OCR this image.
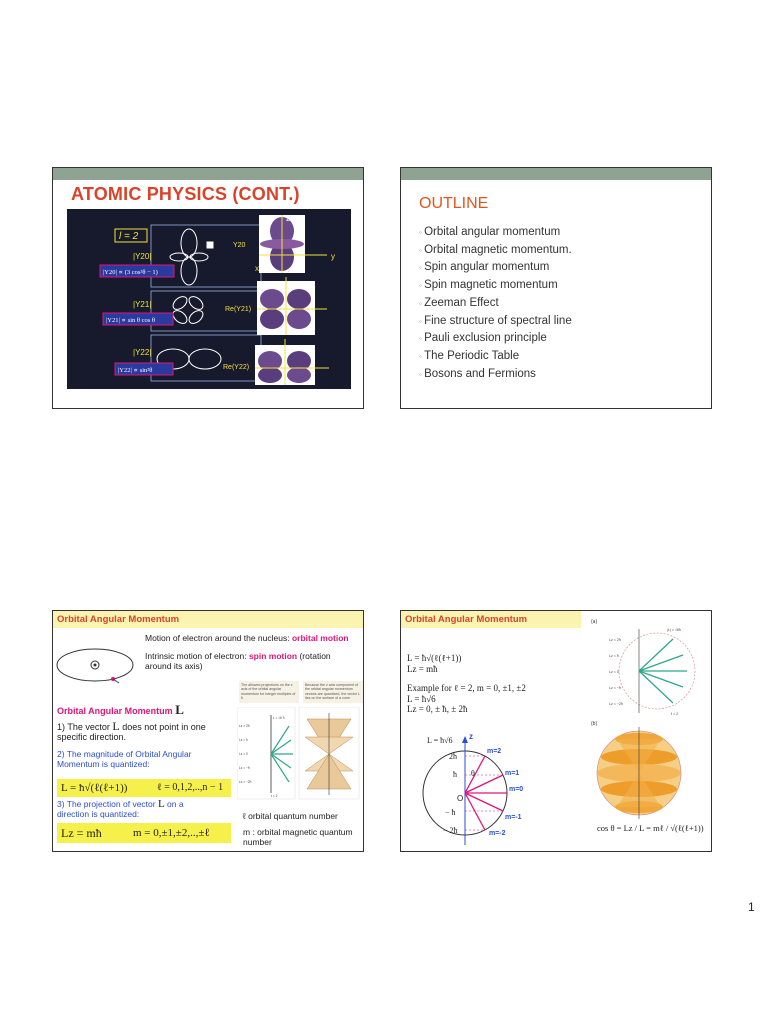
ATOMIC PHYSICS (CONT.)
l = 2
|Y20|
|Y21|
|Y22|
|Y20| ∝ (3 cos²θ − 1)
|Y21| ∝ sin θ cos θ
|Y22| ∝ sin²θ
z
y
x
Y20
Re(Y21)
Re(Y22)
OUTLINE
◦ Orbital angular momentum
◦ Orbital magnetic momentum.
◦ Spin angular momentum
◦ Spin magnetic momentum
◦ Zeeman Effect
◦ Fine structure of spectral line
◦ Pauli exclusion principle
◦ The Periodic Table
◦ Bosons and Fermions
Orbital Angular Momentum
Motion of electron around the nucleus: orbital motion
Intrinsic motion of electron: spin motion (rotation around its axis)
Orbital Angular Momentum L
1) The vector L does not point in one specific direction.
2) The magnitude of Orbital Angular Momentum is quantized:
L = ħ√(ℓ(ℓ+1))	ℓ = 0,1,2,..,n − 1
3) The projection of vector L on a direction is quantized:
Lz = mħ	m = 0,±1,±2,..,±ℓ
The allowed projections on the z axis of the orbital angular momentum for integer multiples of ħ
Because the z axis component of the orbital angular momentum vectors are quantized, the vector L lies on the surface of a cone
Lz = 2ħ
Lz = ħ
Lz = 0
Lz = −ħ
Lz = −2ħ
L = √6 ħ
ℓ = 2
ℓ orbital quantum number
m : orbital magnetic quantum number
Orbital Angular Momentum
L = ħ√(ℓ(ℓ+1))
Lz = mħ
Example for ℓ = 2, m = 0, ±1, ±2
L = ħ√6
Lz = 0, ± ħ, ± 2ħ
L = ħ√6 z
2ħ
ħ θ
O
− ħ
− 2ħ
m=2
m=1
m=0
m=-1
m=-2
(a)
Lz = 2ħ
Lz = ħ
Lz = 0
Lz = −ħ
Lz = −2ħ
|L| = √6ħ
ℓ = 2
(b)
cos θ = Lz / L = mℓ / √(ℓ(ℓ+1))
1
